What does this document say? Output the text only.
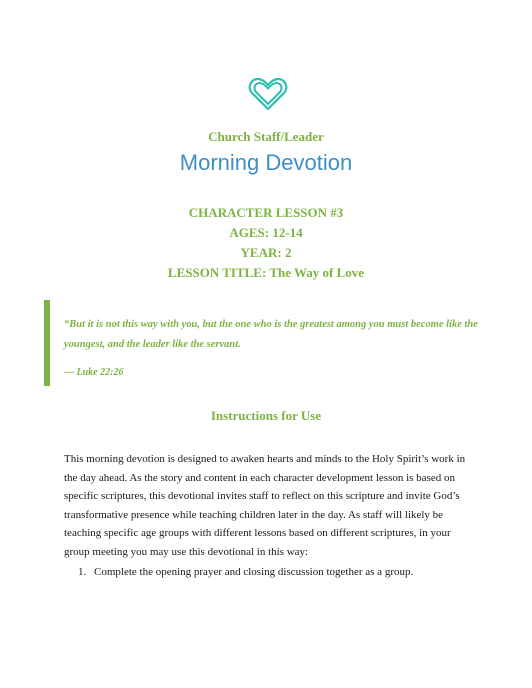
Church Staff/Leader
Morning Devotion
CHARACTER LESSON #3
AGES: 12-14
YEAR: 2
LESSON TITLE: The Way of Love
“But it is not this way with you, but the one who is the greatest among you must become like the youngest, and the leader like the servant.
— Luke 22:26
Instructions for Use
This morning devotion is designed to awaken hearts and minds to the Holy Spirit’s work in the day ahead. As the story and content in each character development lesson is based on specific scriptures, this devotional invites staff to reflect on this scripture and invite God’s transformative presence while teaching children later in the day. As staff will likely be teaching specific age groups with different lessons based on different scriptures, in your group meeting you may use this devotional in this way:
1. Complete the opening prayer and closing discussion together as a group.
